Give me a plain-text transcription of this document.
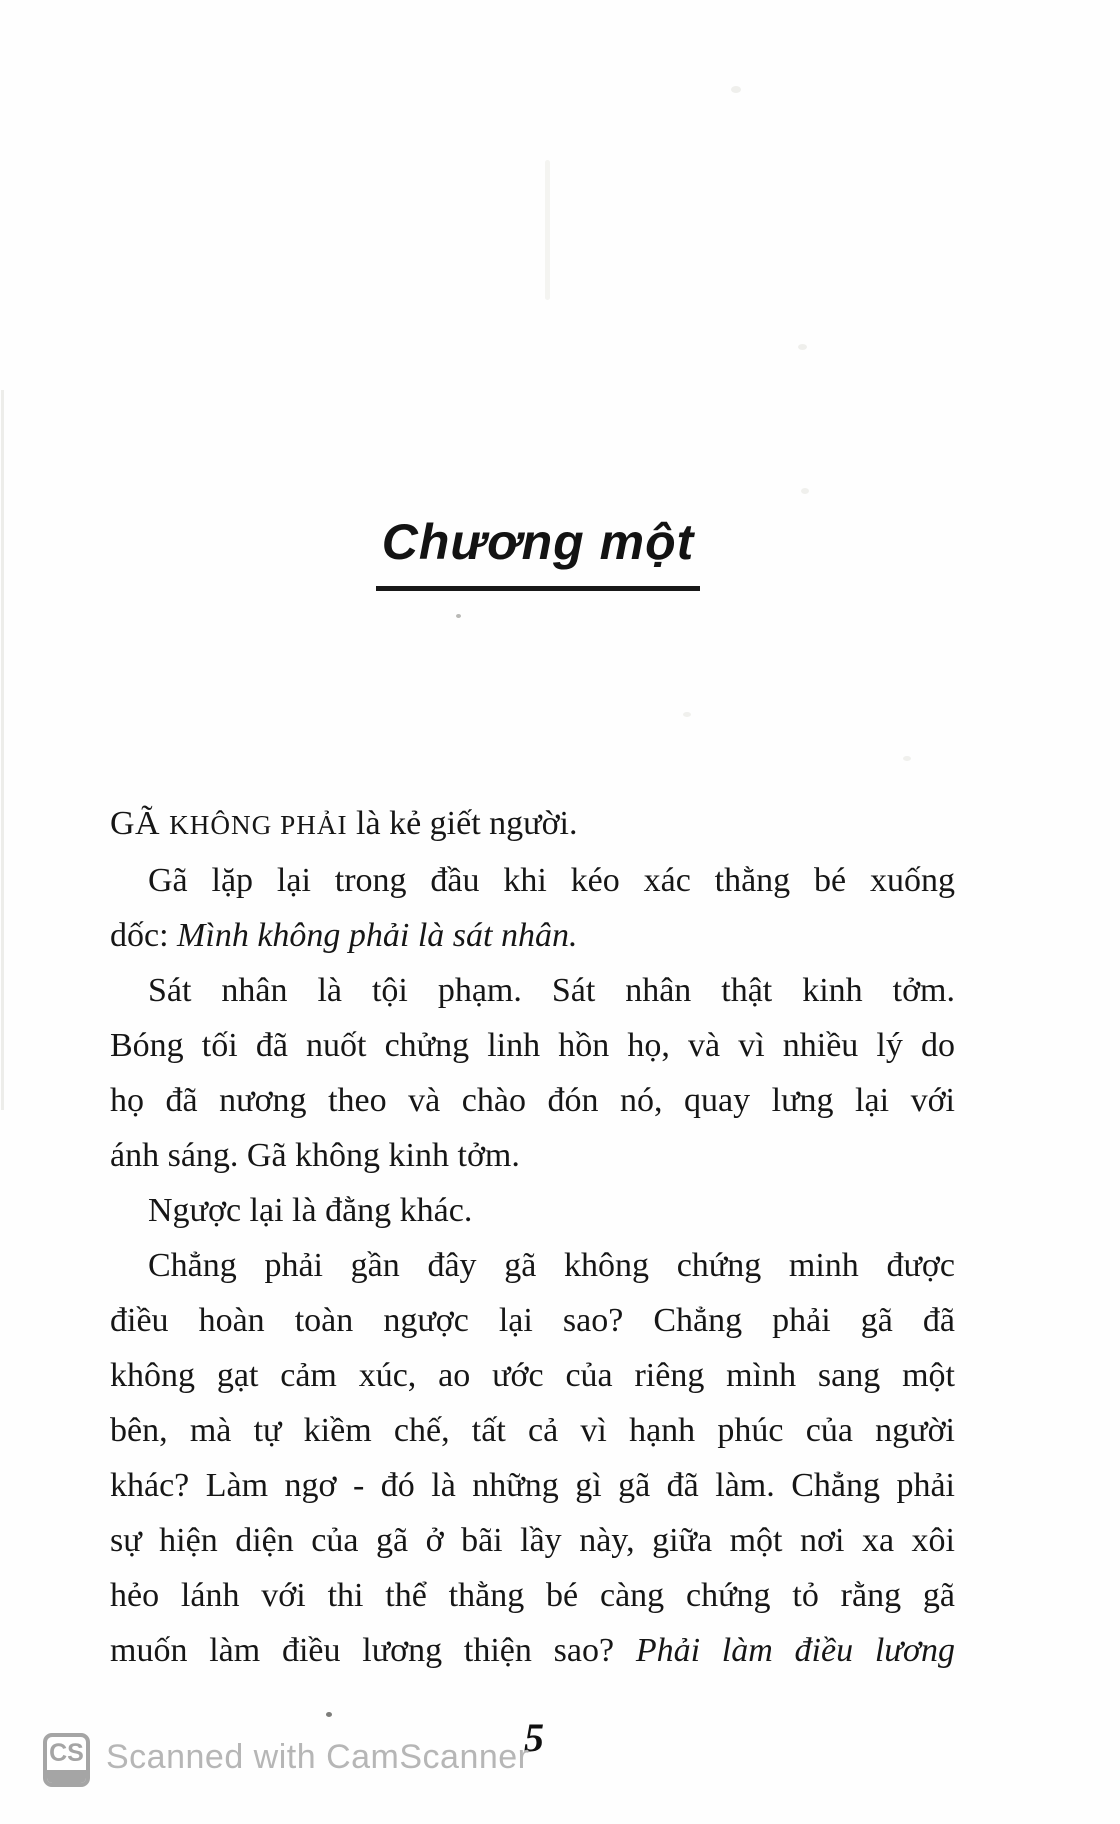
Chương một
GÃ KHÔNG PHẢI là kẻ giết người.
Gã lặp lại trong đầu khi kéo xác thằng bé xuống
dốc: Mình không phải là sát nhân.
Sát nhân là tội phạm. Sát nhân thật kinh tởm.
Bóng tối đã nuốt chửng linh hồn họ, và vì nhiều lý do
họ đã nương theo và chào đón nó, quay lưng lại với
ánh sáng. Gã không kinh tởm.
Ngược lại là đằng khác.
Chẳng phải gần đây gã không chứng minh được
điều hoàn toàn ngược lại sao? Chẳng phải gã đã
không gạt cảm xúc, ao ước của riêng mình sang một
bên, mà tự kiềm chế, tất cả vì hạnh phúc của người
khác? Làm ngơ - đó là những gì gã đã làm. Chẳng phải
sự hiện diện của gã ở bãi lầy này, giữa một nơi xa xôi
hẻo lánh với thi thể thằng bé càng chứng tỏ rằng gã
muốn làm điều lương thiện sao? Phải làm điều lương
5
CS Scanned with CamScanner
